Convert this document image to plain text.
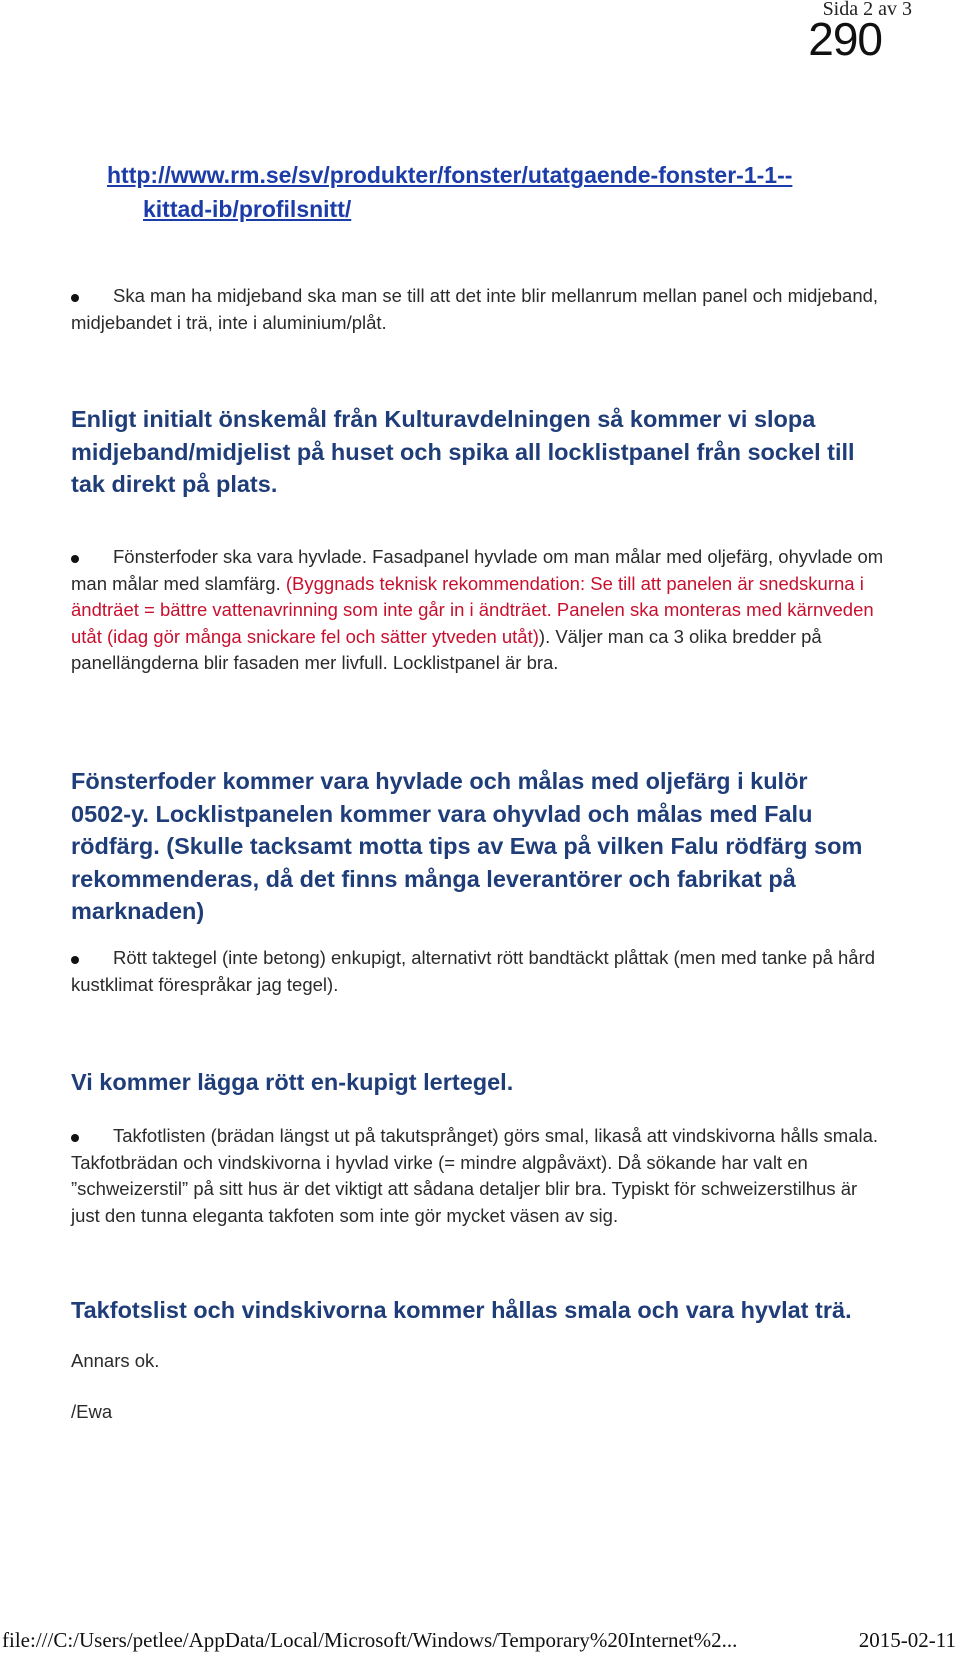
Sida 2 av 3
290
http://www.rm.se/sv/produkter/fonster/utatgaende-fonster-1-1--
kittad-ib/profilsnitt/
Ska man ha midjeband ska man se till att det inte blir mellanrum mellan panel och midjeband, midjebandet i trä, inte i aluminium/plåt.
Enligt initialt önskemål från Kulturavdelningen så kommer vi slopa midjeband/midjelist på huset och spika all locklistpanel från sockel till tak direkt på plats.
Fönsterfoder ska vara hyvlade. Fasadpanel hyvlade om man målar med oljefärg, ohyvlade om man målar med slamfärg. (Byggnads teknisk rekommendation: Se till att panelen är snedskurna i ändträet = bättre vattenavrinning som inte går in i ändträet. Panelen ska monteras med kärnveden utåt (idag gör många snickare fel och sätter ytveden utåt)). Väljer man ca 3 olika bredder på panellängderna blir fasaden mer livfull. Locklistpanel är bra.
Fönsterfoder kommer vara hyvlade och målas med oljefärg i kulör 0502-y. Locklistpanelen kommer vara ohyvlad och målas med Falu rödfärg. (Skulle tacksamt motta tips av Ewa på vilken Falu rödfärg som rekommenderas, då det finns många leverantörer och fabrikat på marknaden)
Rött taktegel (inte betong) enkupigt, alternativt rött bandtäckt plåttak (men med tanke på hård kustklimat förespråkar jag tegel).
Vi kommer lägga rött en-kupigt lertegel.
Takfotlisten (brädan längst ut på takutsprånget) görs smal, likaså att vindskivorna hålls smala. Takfotbrädan och vindskivorna i hyvlad virke (= mindre algpåväxt). Då sökande har valt en ”schweizerstil” på sitt hus är det viktigt att sådana detaljer blir bra. Typiskt för schweizerstilhus är just den tunna eleganta takfoten som inte gör mycket väsen av sig.
Takfotslist och vindskivorna kommer hållas smala och vara hyvlat trä.
Annars ok.
/Ewa
file:///C:/Users/petlee/AppData/Local/Microsoft/Windows/Temporary%20Internet%2...	2015-02-11
